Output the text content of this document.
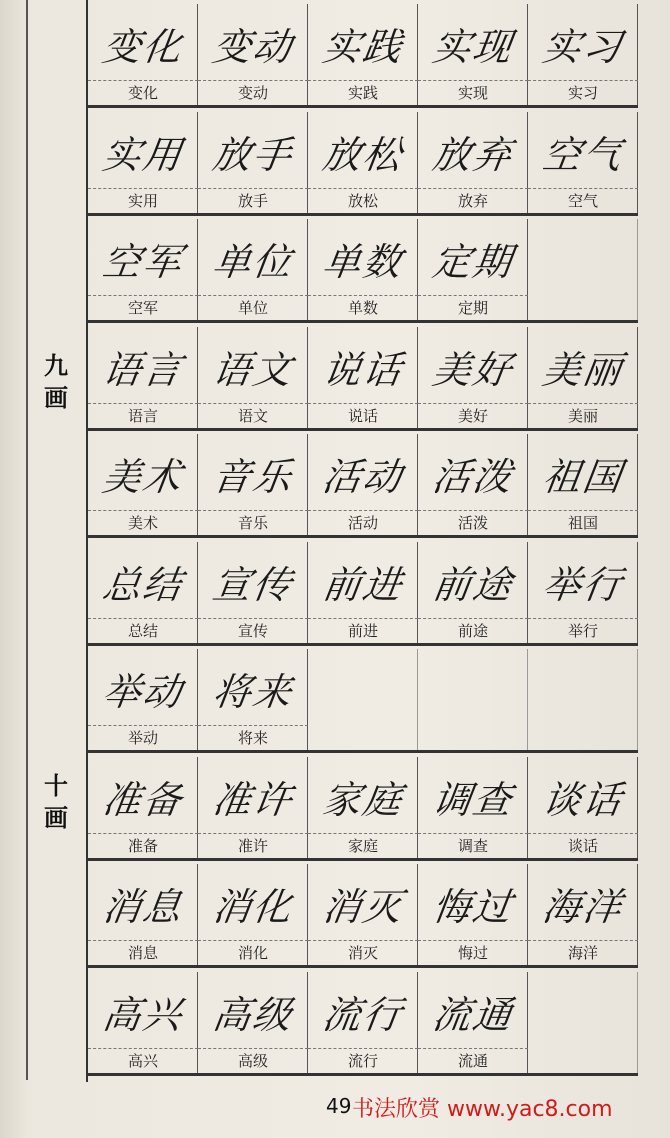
九
画
十
画
变化
变化
变动
变动
实践
实践
实现
实现
实习
实习
实用
实用
放手
放手
放松
放松
放弃
放弃
空气
空气
空军
空军
单位
单位
单数
单数
定期
定期
语言
语言
语文
语文
说话
说话
美好
美好
美丽
美丽
美术
美术
音乐
音乐
活动
活动
活泼
活泼
祖国
祖国
总结
总结
宣传
宣传
前进
前进
前途
前途
举行
举行
举动
举动
将来
将来
准备
准备
准许
准许
家庭
家庭
调查
调查
谈话
谈话
消息
消息
消化
消化
消灭
消灭
悔过
悔过
海洋
海洋
高兴
高兴
高级
高级
流行
流行
流通
流通
49 书法欣赏 www.yac8.com
